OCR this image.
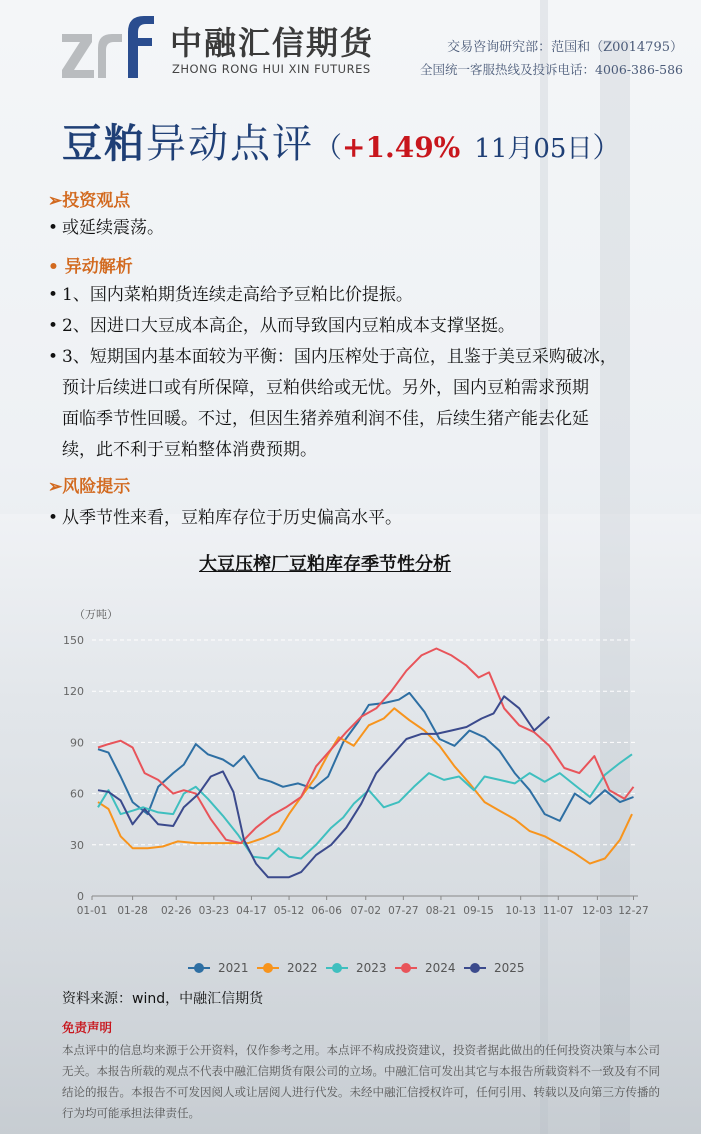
中融汇信期货
ZHONG RONG HUI XIN FUTURES
交易咨询研究部：范国和（Z0014795）
全国统一客服热线及投诉电话：4006-386-586
豆粕异动点评（+1.49% 11月05日）
➢投资观点
• 或延续震荡。
• 异动解析
• 1、国内菜粕期货连续走高给予豆粕比价提振。
• 2、因进口大豆成本高企，从而导致国内豆粕成本支撑坚挺。
• 3、短期国内基本面较为平衡：国内压榨处于高位，且鉴于美豆采购破冰，
预计后续进口或有所保障，豆粕供给或无忧。另外，国内豆粕需求预期
面临季节性回暖。不过，但因生猪养殖利润不佳，后续生猪产能去化延
续，此不利于豆粕整体消费预期。
➢风险提示
• 从季节性来看，豆粕库存位于历史偏高水平。
大豆压榨厂豆粕库存季节性分析
（万吨）
0
30
60
90
120
150
01-01 01-28 02-26 03-23 04-17 05-12 06-06 07-02 07-27 08-21 09-15 10-13 11-07 12-03 12-27
2021	2022	2023	2024	2025
资料来源：wind，中融汇信期货
免责声明
本点评中的信息均来源于公开资料，仅作参考之用。本点评不构成投资建议，投资者据此做出的任何投资决策与本公司无关。本报告所载的观点不代表中融汇信期货有限公司的立场。中融汇信可发出其它与本报告所载资料不一致及有不同结论的报告。本报告不可发因阅人或让居阅人进行代发。未经中融汇信授权许可，任何引用、转载以及向第三方传播的行为均可能承担法律责任。
